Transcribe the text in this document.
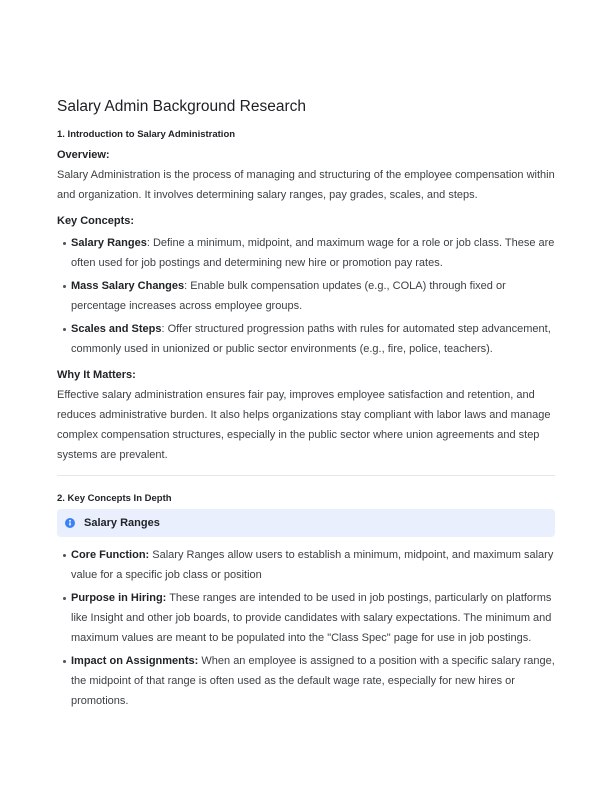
Salary Admin Background Research
1. Introduction to Salary Administration

Overview:

Salary Administration is the process of managing and structuring of the employee compensation within and organization. It involves determining salary ranges, pay grades, scales, and steps.

Key Concepts:

Salary Ranges: Define a minimum, midpoint, and maximum wage for a role or job class. These are often used for job postings and determining new hire or promotion pay rates.
Mass Salary Changes: Enable bulk compensation updates (e.g., COLA) through fixed or percentage increases across employee groups.
Scales and Steps: Offer structured progression paths with rules for automated step advancement, commonly used in unionized or public sector environments (e.g., fire, police, teachers).

Why It Matters:

Effective salary administration ensures fair pay, improves employee satisfaction and retention, and reduces administrative burden. It also helps organizations stay compliant with labor laws and manage complex compensation structures, especially in the public sector where union agreements and step systems are prevalent.

2. Key Concepts In Depth
Salary Ranges
Core Function: Salary Ranges allow users to establish a minimum, midpoint, and maximum salary value for a specific job class or position
Purpose in Hiring: These ranges are intended to be used in job postings, particularly on platforms like Insight and other job boards, to provide candidates with salary expectations. The minimum and maximum values are meant to be populated into the "Class Spec" page for use in job postings.
Impact on Assignments: When an employee is assigned to a position with a specific salary range, the midpoint of that range is often used as the default wage rate, especially for new hires or promotions.
